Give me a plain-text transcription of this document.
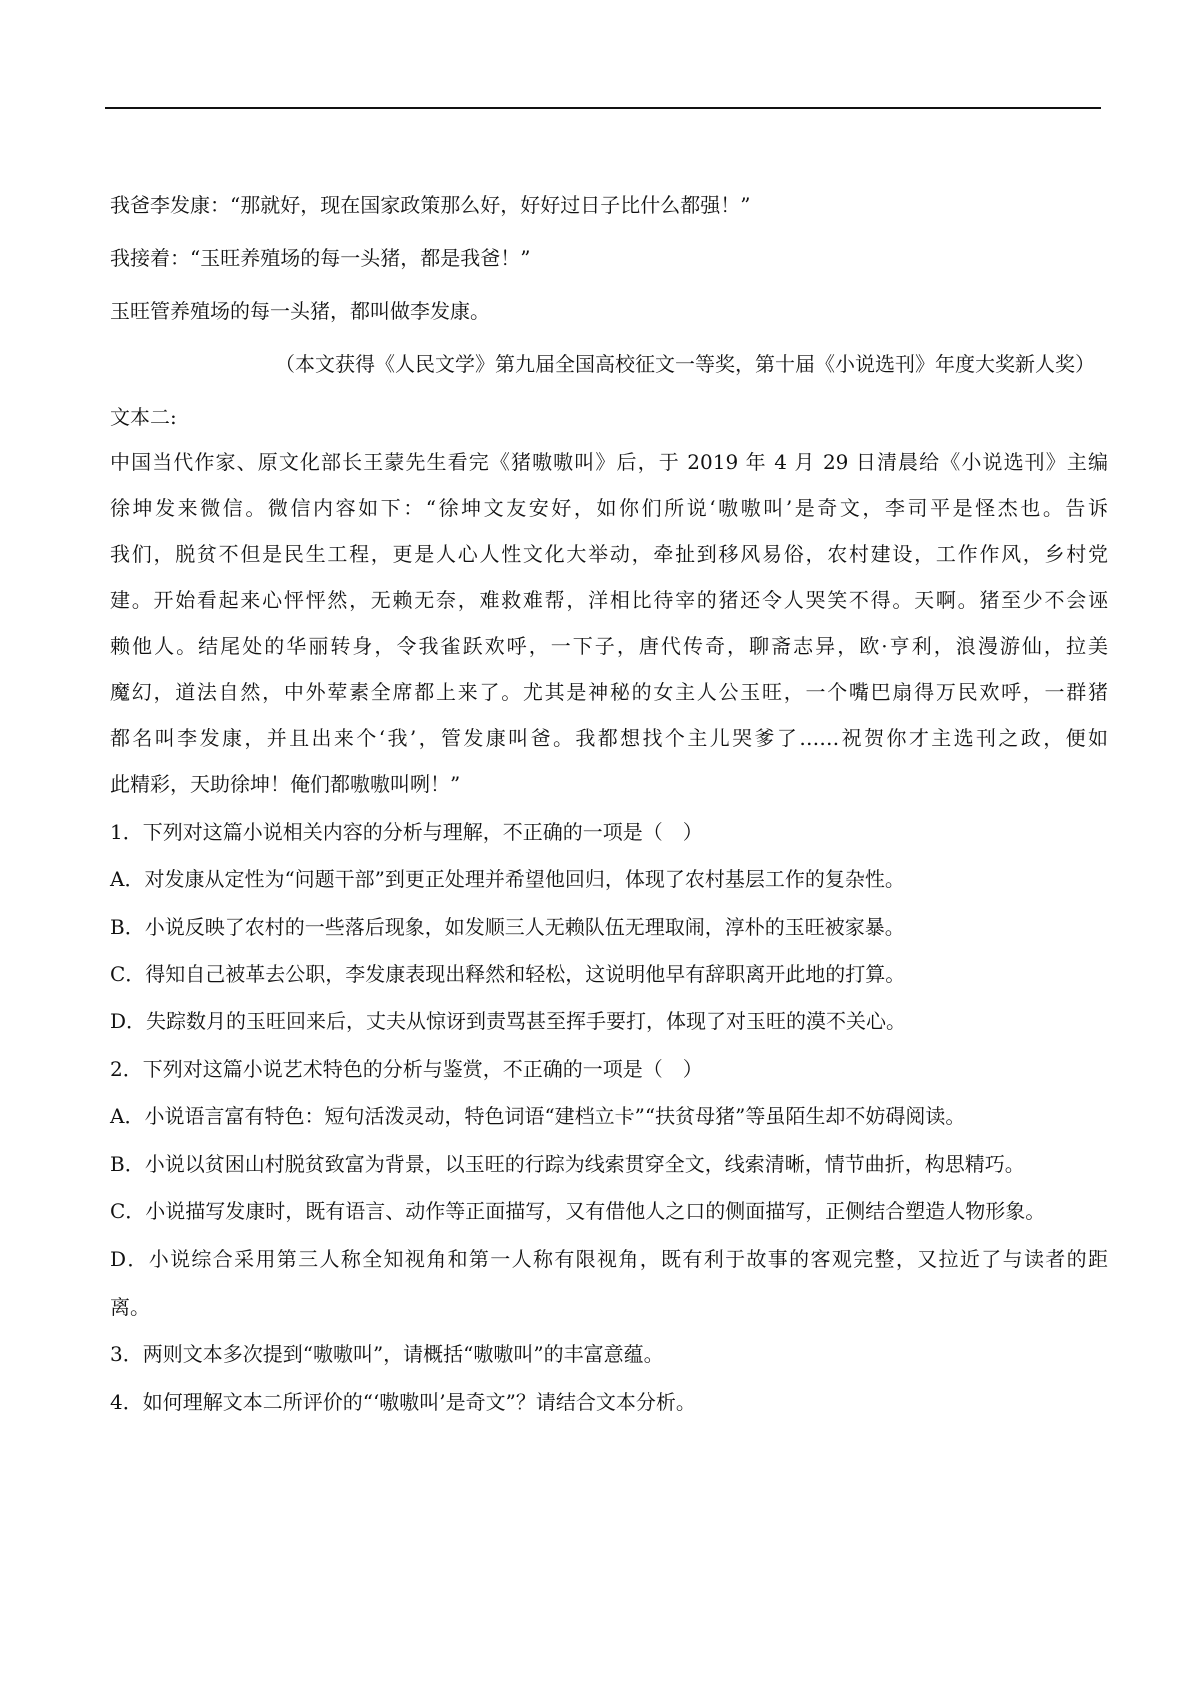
我爸李发康：“那就好，现在国家政策那么好，好好过日子比什么都强！”
我接着：“玉旺养殖场的每一头猪，都是我爸！”
玉旺管养殖场的每一头猪，都叫做李发康。
（本文获得《人民文学》第九届全国高校征文一等奖，第十届《小说选刊》年度大奖新人奖）
文本二:
中国当代作家、原文化部长王蒙先生看完《猪嗷嗷叫》后，于 2019 年 4 月 29 日清晨给《小说选刊》主编
徐坤发来微信。微信内容如下：“徐坤文友安好，如你们所说‘嗷嗷叫’是奇文，李司平是怪杰也。告诉
我们，脱贫不但是民生工程，更是人心人性文化大举动，牵扯到移风易俗，农村建设，工作作风，乡村党
建。开始看起来心怦怦然，无赖无奈，难救难帮，洋相比待宰的猪还令人哭笑不得。天啊。猪至少不会诬
赖他人。结尾处的华丽转身，令我雀跃欢呼，一下子，唐代传奇，聊斋志异，欧·亨利，浪漫游仙，拉美
魔幻，道法自然，中外荤素全席都上来了。尤其是神秘的女主人公玉旺，一个嘴巴扇得万民欢呼，一群猪
都名叫李发康，并且出来个‘我’，管发康叫爸。我都想找个主儿哭爹了……祝贺你才主选刊之政，便如
此精彩，天助徐坤！俺们都嗷嗷叫咧！”
1．下列对这篇小说相关内容的分析与理解，不正确的一项是（　）
A．对发康从定性为“问题干部”到更正处理并希望他回归，体现了农村基层工作的复杂性。
B．小说反映了农村的一些落后现象，如发顺三人无赖队伍无理取闹，淳朴的玉旺被家暴。
C．得知自己被革去公职，李发康表现出释然和轻松，这说明他早有辞职离开此地的打算。
D．失踪数月的玉旺回来后，丈夫从惊讶到责骂甚至挥手要打，体现了对玉旺的漠不关心。
2．下列对这篇小说艺术特色的分析与鉴赏，不正确的一项是（　）
A．小说语言富有特色：短句活泼灵动，特色词语“建档立卡”“扶贫母猪”等虽陌生却不妨碍阅读。
B．小说以贫困山村脱贫致富为背景，以玉旺的行踪为线索贯穿全文，线索清晰，情节曲折，构思精巧。
C．小说描写发康时，既有语言、动作等正面描写，又有借他人之口的侧面描写，正侧结合塑造人物形象。
D．小说综合采用第三人称全知视角和第一人称有限视角，既有利于故事的客观完整，又拉近了与读者的距
离。
3．两则文本多次提到“嗷嗷叫”，请概括“嗷嗷叫”的丰富意蕴。
4．如何理解文本二所评价的“‘嗷嗷叫’是奇文”？请结合文本分析。
